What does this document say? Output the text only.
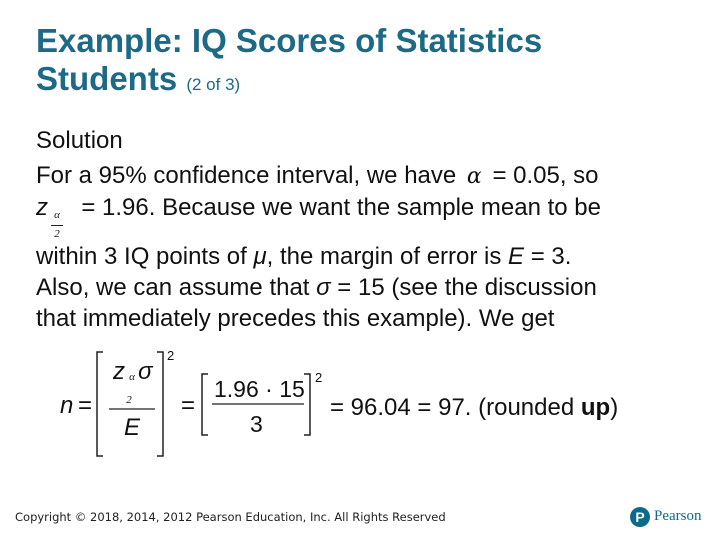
Example: IQ Scores of Statistics
Students (2 of 3)
Solution
For a 95% confidence interval, we have α = 0.05, so
z = 1.96. Because we want the sample mean to be
α
2
within 3 IQ points of μ, the margin of error is E = 3.
Also, we can assume that σ = 15 (see the discussion
that immediately precedes this example). We get
n =
z α σ
2
E
2
=
1.96 · 15
3
2
= 96.04 = 97. (rounded up)
Copyright © 2018, 2014, 2012 Pearson Education, Inc. All Rights Reserved	P Pearson
